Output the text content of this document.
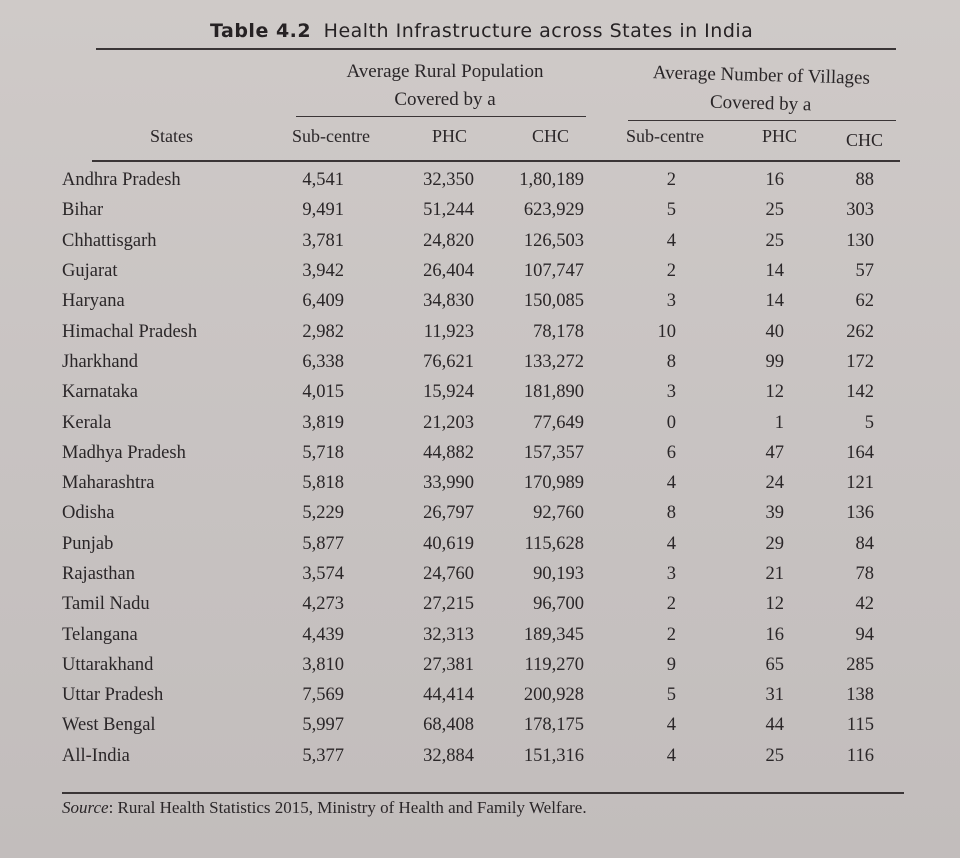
Table 4.2 Health Infrastructure across States in India
Average Rural Population
Covered by a
Average Number of Villages
Covered by a
States	Sub-centre	PHC	CHC	Sub-centre	PHC	CHC
Andhra Pradesh	4,541	32,350	1,80,189	2	16	88
Bihar	9,491	51,244	623,929	5	25	303
Chhattisgarh	3,781	24,820	126,503	4	25	130
Gujarat	3,942	26,404	107,747	2	14	57
Haryana	6,409	34,830	150,085	3	14	62
Himachal Pradesh	2,982	11,923	78,178	10	40	262
Jharkhand	6,338	76,621	133,272	8	99	172
Karnataka	4,015	15,924	181,890	3	12	142
Kerala	3,819	21,203	77,649	0	1	5
Madhya Pradesh	5,718	44,882	157,357	6	47	164
Maharashtra	5,818	33,990	170,989	4	24	121
Odisha	5,229	26,797	92,760	8	39	136
Punjab	5,877	40,619	115,628	4	29	84
Rajasthan	3,574	24,760	90,193	3	21	78
Tamil Nadu	4,273	27,215	96,700	2	12	42
Telangana	4,439	32,313	189,345	2	16	94
Uttarakhand	3,810	27,381	119,270	9	65	285
Uttar Pradesh	7,569	44,414	200,928	5	31	138
West Bengal	5,997	68,408	178,175	4	44	115
All-India	5,377	32,884	151,316	4	25	116
Source: Rural Health Statistics 2015, Ministry of Health and Family Welfare.
